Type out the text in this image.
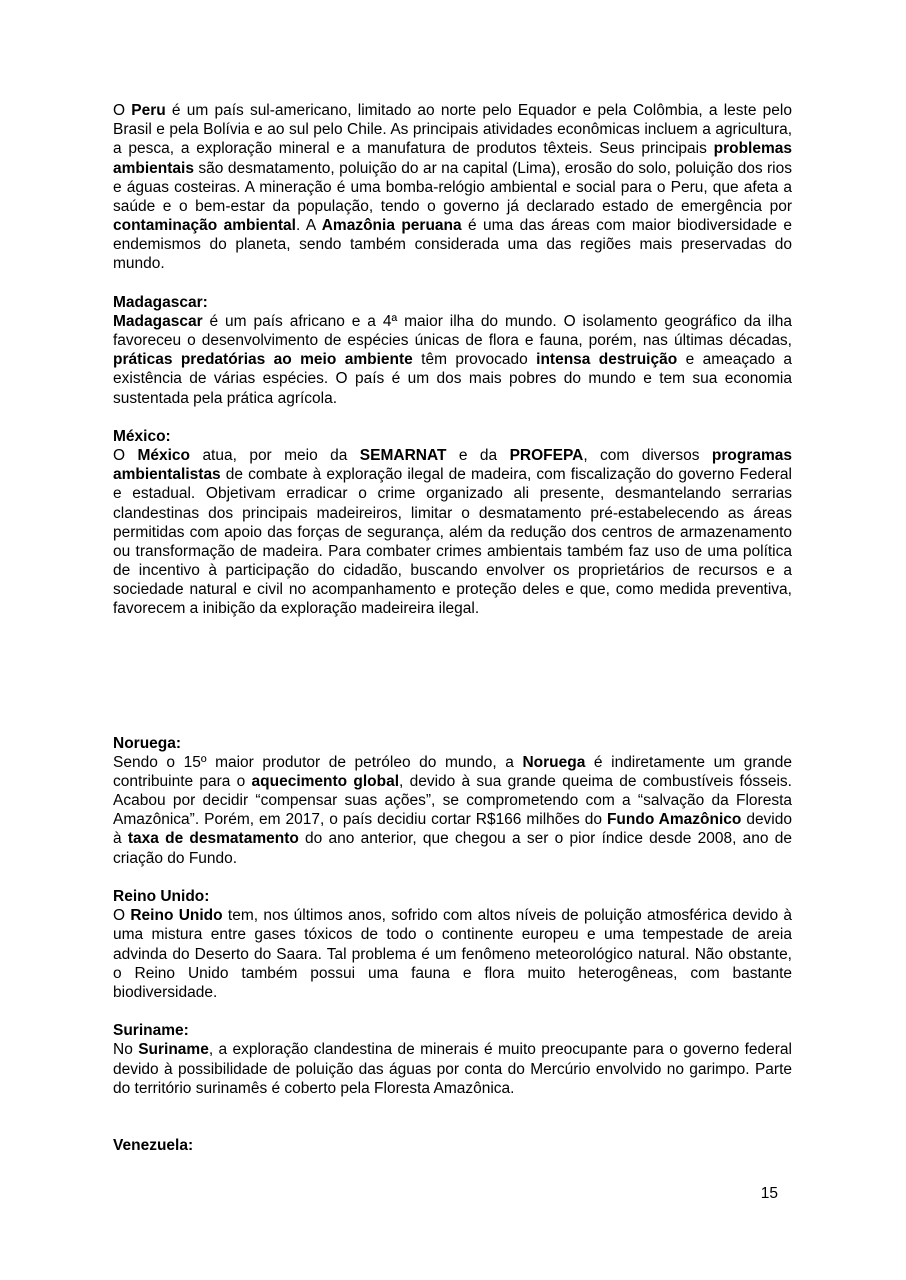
O Peru é um país sul-americano, limitado ao norte pelo Equador e pela Colômbia, a leste pelo Brasil e pela Bolívia e ao sul pelo Chile. As principais atividades econômicas incluem a agricultura, a pesca, a exploração mineral e a manufatura de produtos têxteis. Seus principais problemas ambientais são desmatamento, poluição do ar na capital (Lima), erosão do solo, poluição dos rios e águas costeiras. A mineração é uma bomba-relógio ambiental e social para o Peru, que afeta a saúde e o bem-estar da população, tendo o governo já declarado estado de emergência por contaminação ambiental. A Amazônia peruana é uma das áreas com maior biodiversidade e endemismos do planeta, sendo também considerada uma das regiões mais preservadas do mundo.
Madagascar:
Madagascar é um país africano e a 4ª maior ilha do mundo. O isolamento geográfico da ilha favoreceu o desenvolvimento de espécies únicas de flora e fauna, porém, nas últimas décadas, práticas predatórias ao meio ambiente têm provocado intensa destruição e ameaçado a existência de várias espécies. O país é um dos mais pobres do mundo e tem sua economia sustentada pela prática agrícola.
México:
O México atua, por meio da SEMARNAT e da PROFEPA, com diversos programas ambientalistas de combate à exploração ilegal de madeira, com fiscalização do governo Federal e estadual. Objetivam erradicar o crime organizado ali presente, desmantelando serrarias clandestinas dos principais madeireiros, limitar o desmatamento pré-estabelecendo as áreas permitidas com apoio das forças de segurança, além da redução dos centros de armazenamento ou transformação de madeira. Para combater crimes ambientais também faz uso de uma política de incentivo à participação do cidadão, buscando envolver os proprietários de recursos e a sociedade natural e civil no acompanhamento e proteção deles e que, como medida preventiva, favorecem a inibição da exploração madeireira ilegal.
Noruega:
Sendo o 15º maior produtor de petróleo do mundo, a Noruega é indiretamente um grande contribuinte para o aquecimento global, devido à sua grande queima de combustíveis fósseis. Acabou por decidir “compensar suas ações”, se comprometendo com a “salvação da Floresta Amazônica”. Porém, em 2017, o país decidiu cortar R$166 milhões do Fundo Amazônico devido à taxa de desmatamento do ano anterior, que chegou a ser o pior índice desde 2008, ano de criação do Fundo.
Reino Unido:
O Reino Unido tem, nos últimos anos, sofrido com altos níveis de poluição atmosférica devido à uma mistura entre gases tóxicos de todo o continente europeu e uma tempestade de areia advinda do Deserto do Saara. Tal problema é um fenômeno meteorológico natural. Não obstante, o Reino Unido também possui uma fauna e flora muito heterogêneas, com bastante biodiversidade.
Suriname:
No Suriname, a exploração clandestina de minerais é muito preocupante para o governo federal devido à possibilidade de poluição das águas por conta do Mercúrio envolvido no garimpo. Parte do território surinamês é coberto pela Floresta Amazônica.
Venezuela:
15
